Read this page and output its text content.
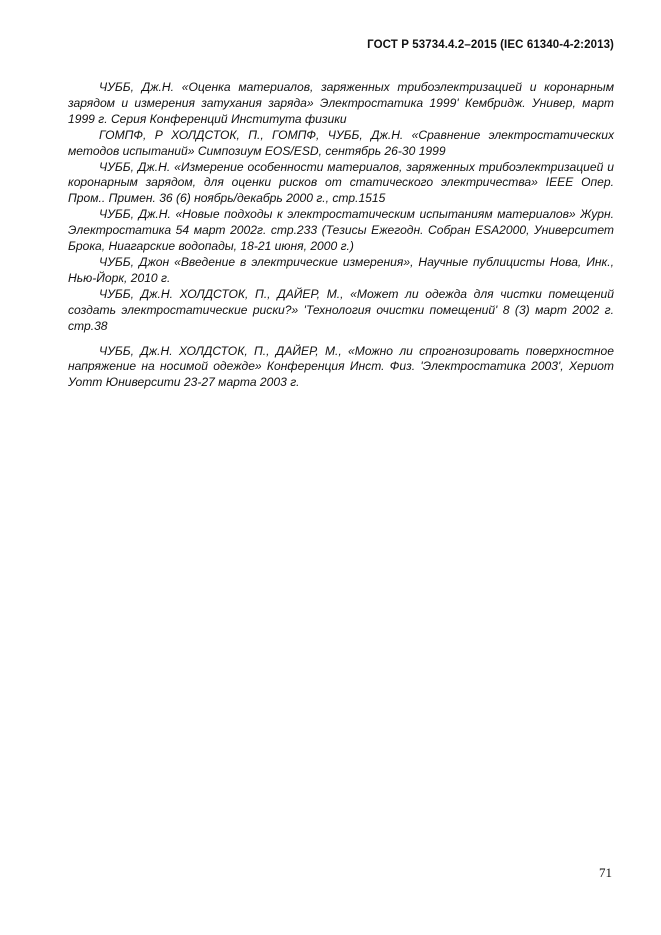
ГОСТ Р 53734.4.2–2015 (IEC 61340-4-2:2013)

ЧУББ, Дж.Н. «Оценка материалов, заряженных трибоэлектризацией и коронарным зарядом и измерения затухания заряда» Электростатика 1999' Кембридж. Универ, март 1999 г. Серия Конференций Института физики

ГОМПФ, Р ХОЛДСТОК, П., ГОМПФ, ЧУББ, Дж.Н. «Сравнение электростатических методов испытаний» Симпозиум EOS/ESD, сентябрь 26-30 1999

ЧУББ, Дж.Н. «Измерение особенности материалов, заряженных трибоэлектризацией и коронарным зарядом, для оценки рисков от статического электричества» IEEE Опер. Пром.. Примен. 36 (6) ноябрь/декабрь 2000 г., стр.1515

ЧУББ, Дж.Н. «Новые подходы к электростатическим испытаниям материалов» Журн. Электростатика 54 март 2002г. стр.233 (Тезисы Ежегодн. Собран ESA2000, Университет Брока, Ниагарские водопады, 18-21 июня, 2000 г.)

ЧУББ, Джон «Введение в электрические измерения», Научные публицисты Нова, Инк., Нью-Йорк, 2010 г.

ЧУББ, Дж.Н. ХОЛДСТОК, П., ДАЙЕР, М., «Может ли одежда для чистки помещений создать электростатические риски?» 'Технология очистки помещений' 8 (3) март 2002 г. стр.38

ЧУББ, Дж.Н. ХОЛДСТОК, П., ДАЙЕР, М., «Можно ли спрогнозировать поверхностное напряжение на носимой одежде» Конференция Инст. Физ. 'Электростатика 2003', Хериот Уотт Юниверсити 23-27 марта 2003 г.

71
